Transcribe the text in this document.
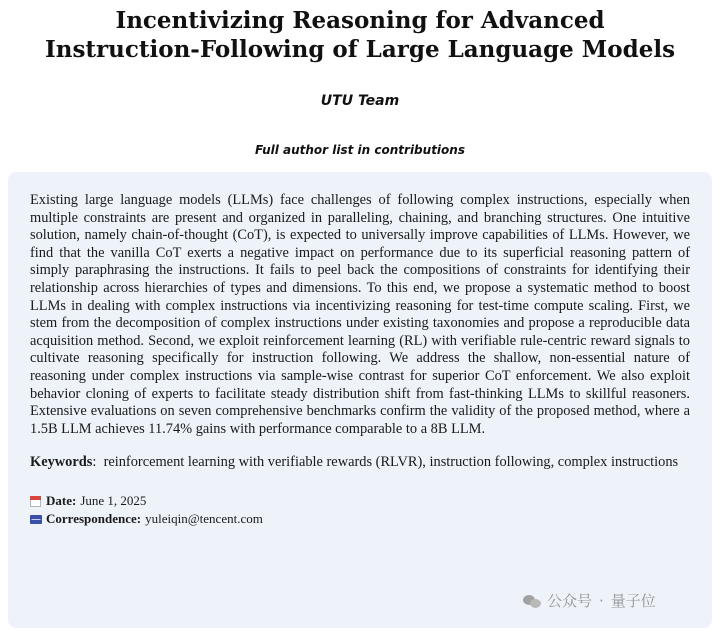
Incentivizing Reasoning for Advanced
Instruction-Following of Large Language Models
UTU Team
Full author list in contributions

Existing large language models (LLMs) face challenges of following complex instructions, especially when multiple constraints are present and organized in paralleling, chaining, and branching structures. One intuitive solution, namely chain-of-thought (CoT), is expected to universally improve capabilities of LLMs. However, we find that the vanilla CoT exerts a negative impact on performance due to its superficial reasoning pattern of simply paraphrasing the instructions. It fails to peel back the compositions of constraints for identifying their relationship across hierarchies of types and dimensions. To this end, we propose a systematic method to boost LLMs in dealing with complex instructions via incentivizing reasoning for test-time compute scaling. First, we stem from the decomposition of complex instructions under existing taxonomies and propose a reproducible data acquisition method. Second, we exploit reinforcement learning (RL) with verifiable rule-centric reward signals to cultivate reasoning specifically for instruction following. We address the shallow, non-essential nature of reasoning under complex instructions via sample-wise contrast for superior CoT enforcement. We also exploit behavior cloning of experts to facilitate steady distribution shift from fast-thinking LLMs to skillful reasoners. Extensive evaluations on seven comprehensive benchmarks confirm the validity of the proposed method, where a 1.5B LLM achieves 11.74% gains with performance comparable to a 8B LLM.

Keywords: reinforcement learning with verifiable rewards (RLVR), instruction following, complex instructions

Date: June 1, 2025
Correspondence: yuleiqin@tencent.com
公众号 · 量子位
